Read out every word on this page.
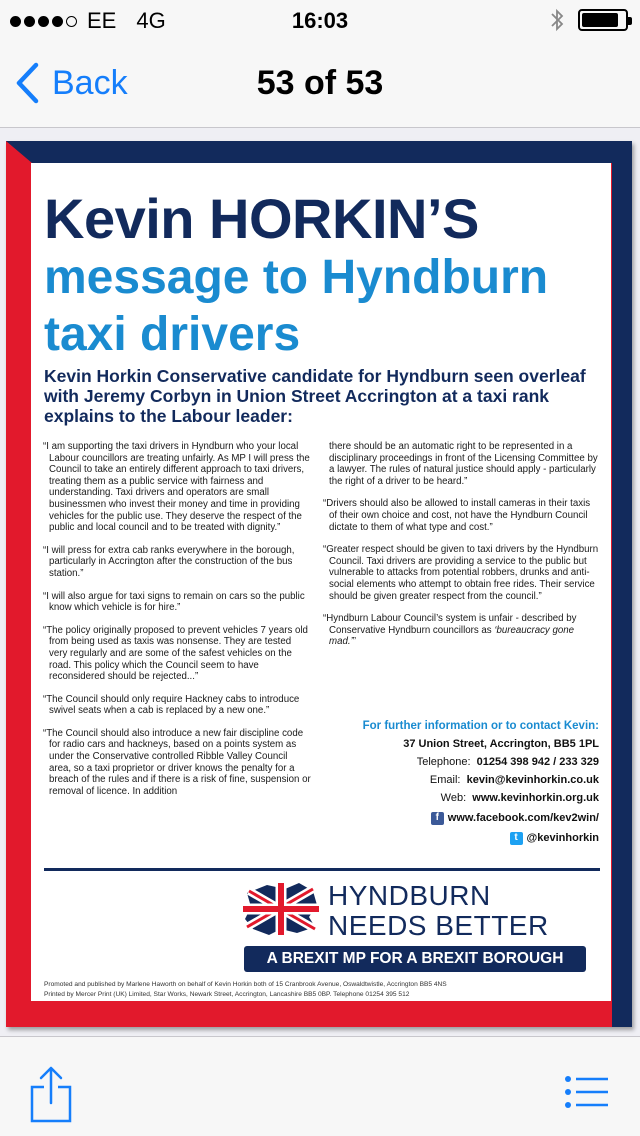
EE 4G	16:03
Back	53 of 53
Kevin HORKIN’S
message to Hyndburn
taxi drivers
Kevin Horkin Conservative candidate for Hyndburn seen overleaf with Jeremy Corbyn in Union Street Accrington at a taxi rank explains to the Labour leader:

“I am supporting the taxi drivers in Hyndburn who your local Labour councillors are treating unfairly. As MP I will press the Council to take an entirely different approach to taxi drivers, treating them as a public service with fairness and understanding. Taxi drivers and operators are small businessmen who invest their money and time in providing vehicles for the public use. They deserve the respect of the public and local council and to be treated with dignity.”

“I will press for extra cab ranks everywhere in the borough, particularly in Accrington after the construction of the bus station.”

“I will also argue for taxi signs to remain on cars so the public know which vehicle is for hire.”

“The policy originally proposed to prevent vehicles 7 years old from being used as taxis was nonsense. They are tested very regularly and are some of the safest vehicles on the road. This policy which the Council seem to have reconsidered should be rejected...”

“The Council should only require Hackney cabs to introduce swivel seats when a cab is replaced by a new one.”

“The Council should also introduce a new fair discipline code for radio cars and hackneys, based on a points system as under the Conservative controlled Ribble Valley Council area, so a taxi proprietor or driver knows the penalty for a breach of the rules and if there is a risk of fine, suspension or removal of licence. In addition

there should be an automatic right to be represented in a disciplinary proceedings in front of the Licensing Committee by a lawyer. The rules of natural justice should apply - particularly the right of a driver to be heard.”

“Drivers should also be allowed to install cameras in their taxis of their own choice and cost, not have the Hyndburn Council dictate to them of what type and cost.”

“Greater respect should be given to taxi drivers by the Hyndburn Council. Taxi drivers are providing a service to the public but vulnerable to attacks from potential robbers, drunks and anti-social elements who attempt to obtain free rides. Their service should be given greater respect from the council.”

“Hyndburn Labour Council’s system is unfair - described by Conservative Hyndburn councillors as ‘bureaucracy gone mad.’”

For further information or to contact Kevin:
37 Union Street, Accrington, BB5 1PL
Telephone: 01254 398 942 / 233 329
Email: kevin@kevinhorkin.co.uk
Web: www.kevinhorkin.org.uk
f www.facebook.com/kev2win/
t @kevinhorkin
HYNDBURN
NEEDS BETTER
A BREXIT MP FOR A BREXIT BOROUGH
Promoted and published by Marlene Haworth on behalf of Kevin Horkin both of 15 Cranbrook Avenue, Oswaldtwistle, Accrington BB5 4NS
Printed by Mercer Print (UK) Limited, Star Works, Newark Street, Accrington, Lancashire BB5 0BP. Telephone 01254 395 512
